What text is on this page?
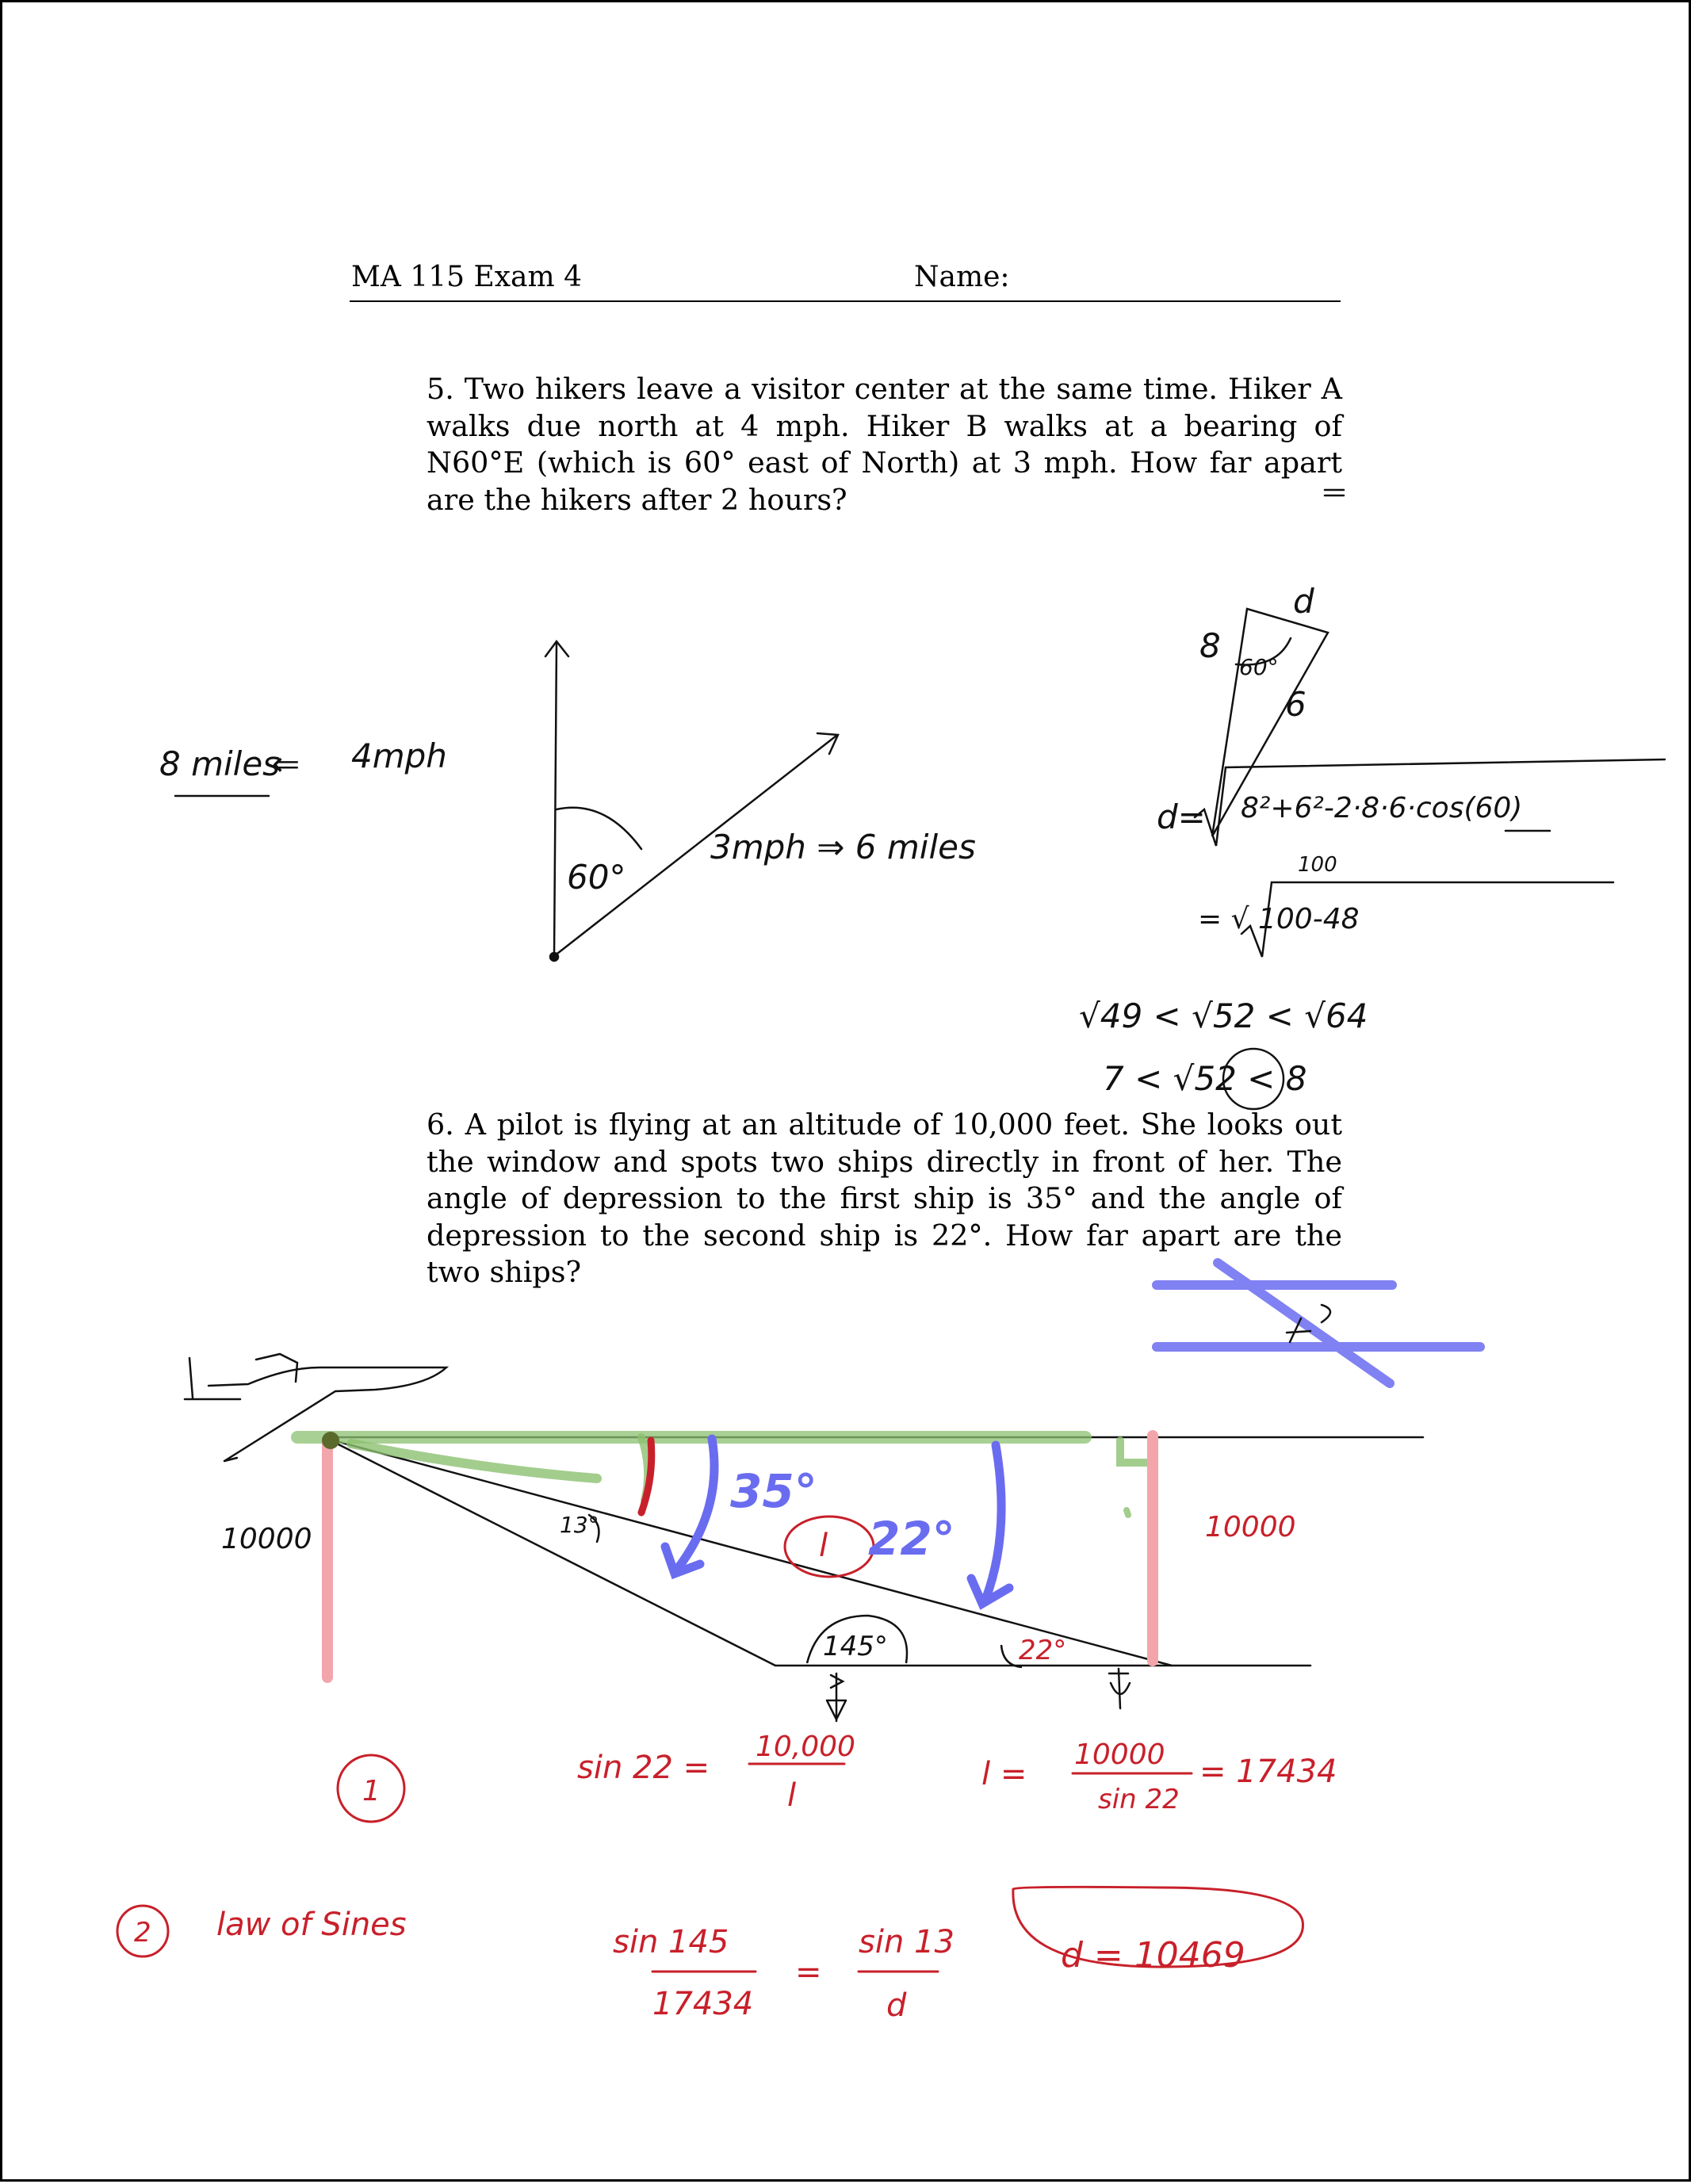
MA 115 Exam 4	Name:
5. Two hikers leave a visitor center at the same time. Hiker A walks due north at 4 mph. Hiker B walks at a bearing of N60°E (which is 60° east of North) at 3 mph. How far apart are the hikers after 2 hours?
6. A pilot is flying at an altitude of 10,000 feet. She looks out the window and spots two ships directly in front of her. The angle of depression to the first ship is 35° and the angle of depression to the second ship is 22°. How far apart are the two ships?
8 miles
⇐ 4mph
60°
3mph ⇒ 6 miles
8
6
d
60°
d= 8²+6²-2·8·6·cos(60)
100
= √ 100-48
√49 < √52 < √64
7 < √52 < 8
10000	10000
13°
35°
22°
l
145°	22°
1
sin 22 =
10,000
l
l =
10000
sin 22
= 17434
2 law of Sines	sin 145
17434
=
sin 13
d
d = 10469
